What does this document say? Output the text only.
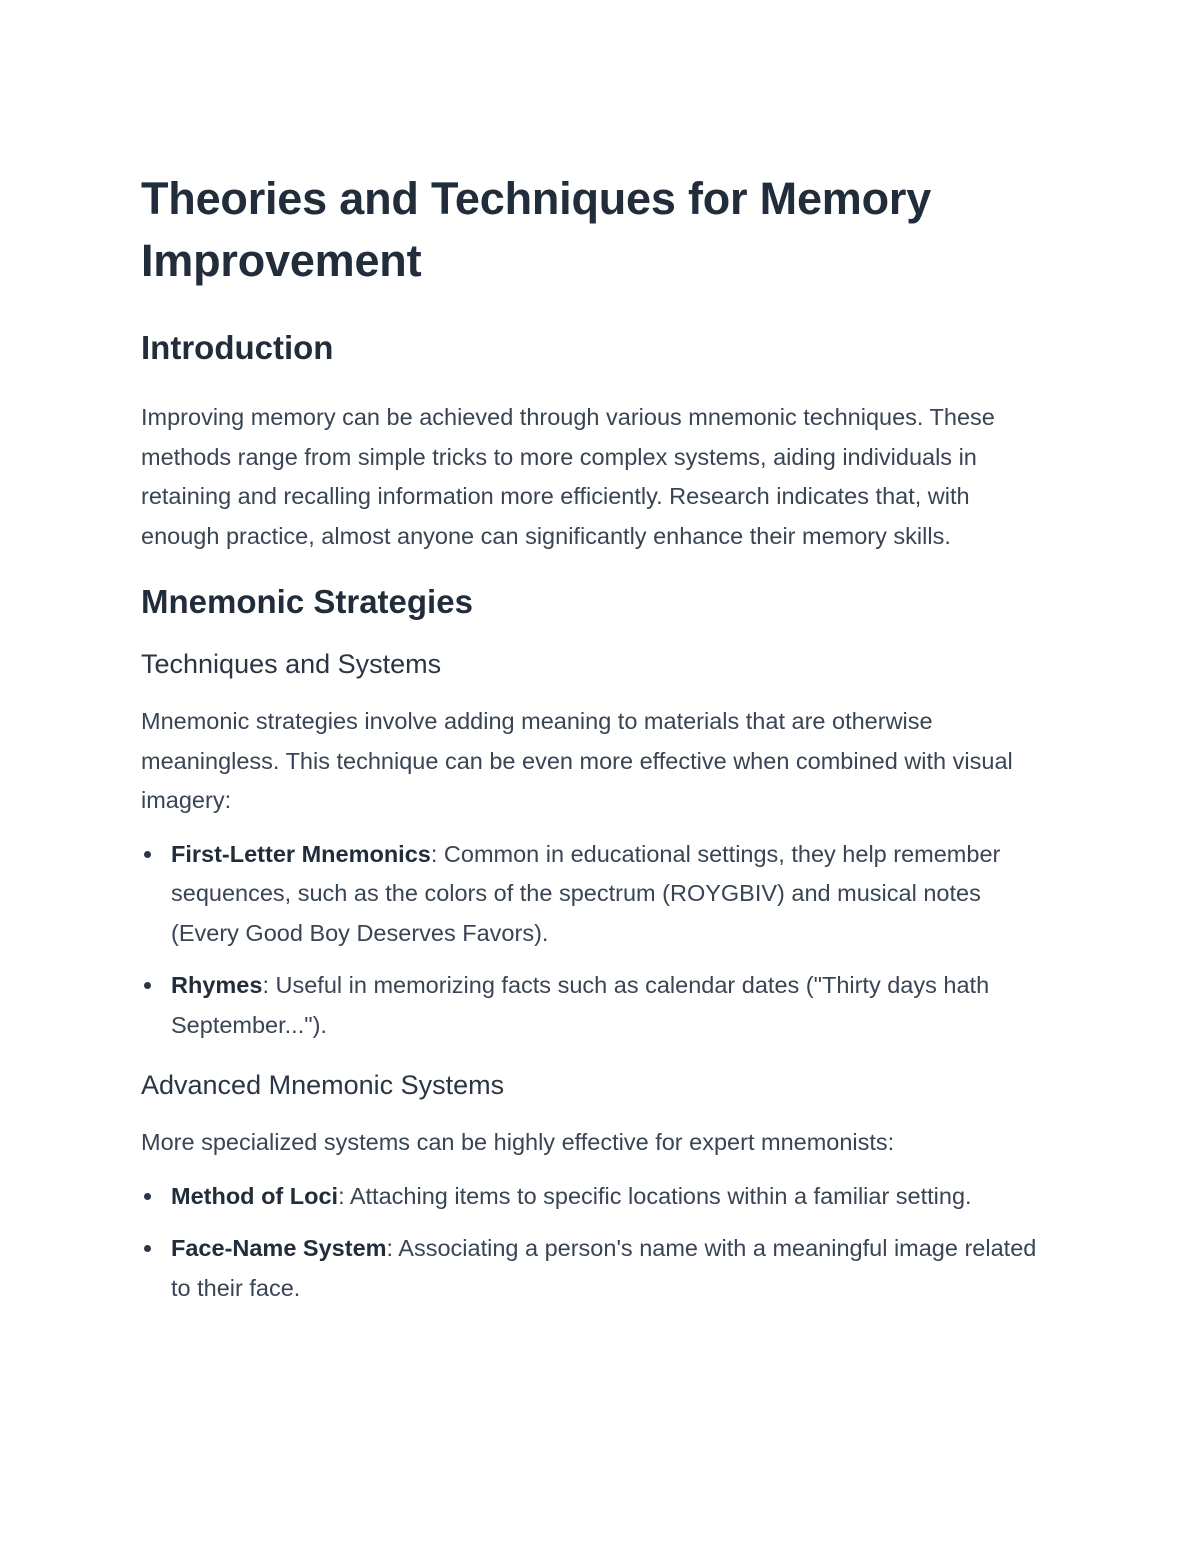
Theories and Techniques for Memory Improvement
Introduction

Improving memory can be achieved through various mnemonic techniques. These methods range from simple tricks to more complex systems, aiding individuals in retaining and recalling information more efficiently. Research indicates that, with enough practice, almost anyone can significantly enhance their memory skills.

Mnemonic Strategies
Techniques and Systems

Mnemonic strategies involve adding meaning to materials that are otherwise meaningless. This technique can be even more effective when combined with visual imagery:

First-Letter Mnemonics: Common in educational settings, they help remember sequences, such as the colors of the spectrum (ROYGBIV) and musical notes (Every Good Boy Deserves Favors).
Rhymes: Useful in memorizing facts such as calendar dates ("Thirty days hath September...").
Advanced Mnemonic Systems

More specialized systems can be highly effective for expert mnemonists:

Method of Loci: Attaching items to specific locations within a familiar setting.
Face-Name System: Associating a person's name with a meaningful image related to their face.
